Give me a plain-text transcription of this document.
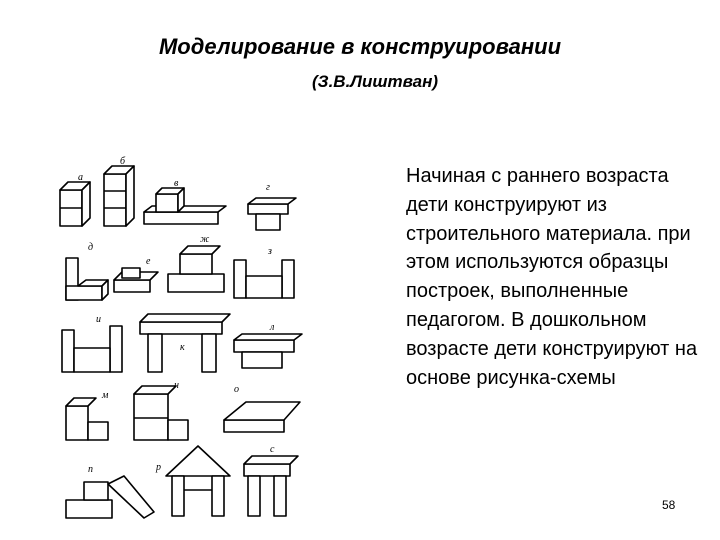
Моделирование в конструировании
(З.В.Лиштван)
а
б
в	г
д
е
ж
з
и
к
л
м
н	о
п	р
с
Начиная с раннего возраста дети конструируют из строительного материала. при этом используются образцы построек, выполненные педагогом. В дошкольном возрасте дети конструируют на основе рисунка-схемы
58
